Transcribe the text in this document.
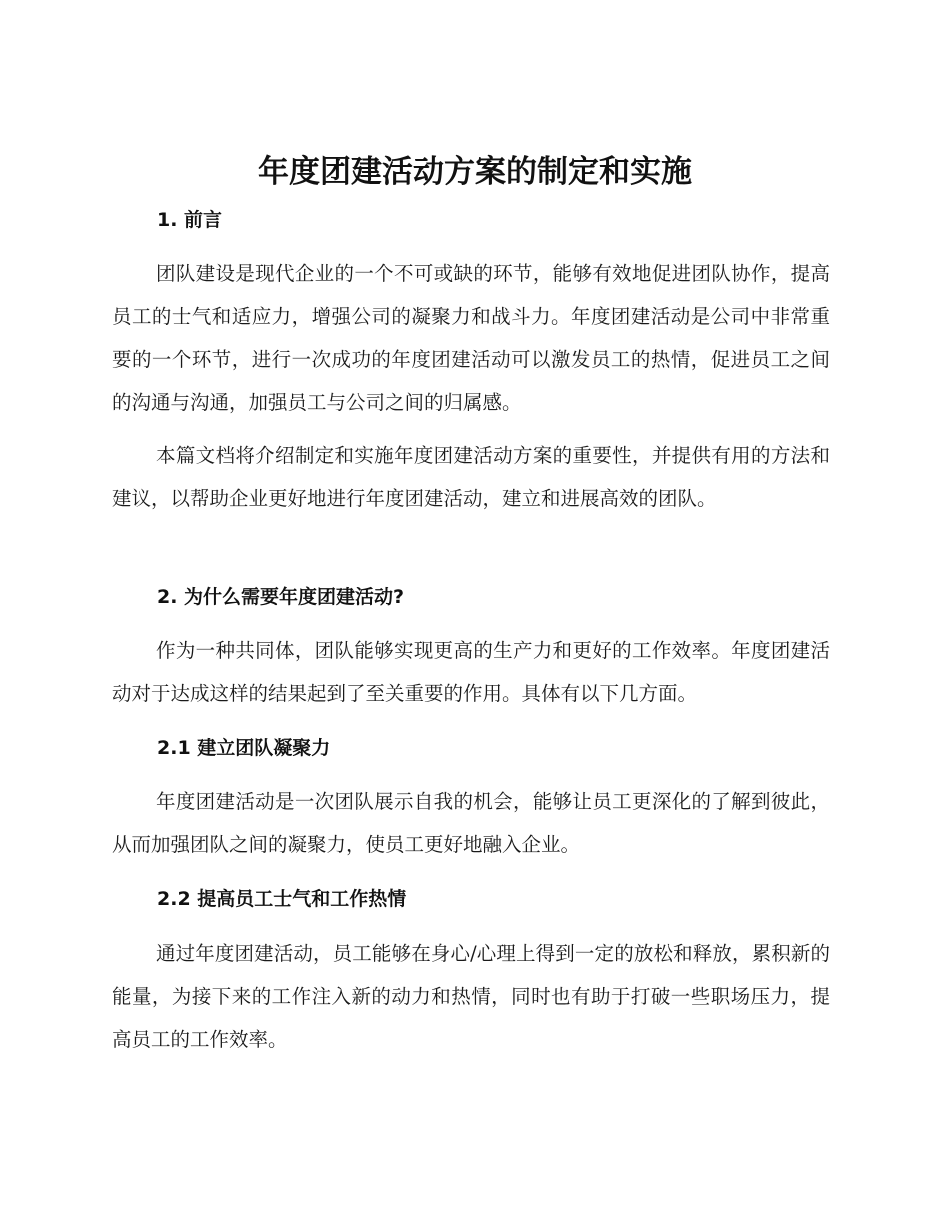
年度团建活动方案的制定和实施
1. 前言

团队建设是现代企业的一个不可或缺的环节，能够有效地促进团队协作，提高员工的士气和适应力，增强公司的凝聚力和战斗力。年度团建活动是公司中非常重要的一个环节，进行一次成功的年度团建活动可以激发员工的热情，促进员工之间的沟通与沟通，加强员工与公司之间的归属感。

本篇文档将介绍制定和实施年度团建活动方案的重要性，并提供有用的方法和建议，以帮助企业更好地进行年度团建活动，建立和进展高效的团队。

2. 为什么需要年度团建活动?

作为一种共同体，团队能够实现更高的生产力和更好的工作效率。年度团建活动对于达成这样的结果起到了至关重要的作用。具体有以下几方面。

2.1 建立团队凝聚力

年度团建活动是一次团队展示自我的机会，能够让员工更深化的了解到彼此，从而加强团队之间的凝聚力，使员工更好地融入企业。

2.2 提高员工士气和工作热情

通过年度团建活动，员工能够在身心/心理上得到一定的放松和释放，累积新的能量，为接下来的工作注入新的动力和热情，同时也有助于打破一些职场压力，提高员工的工作效率。
